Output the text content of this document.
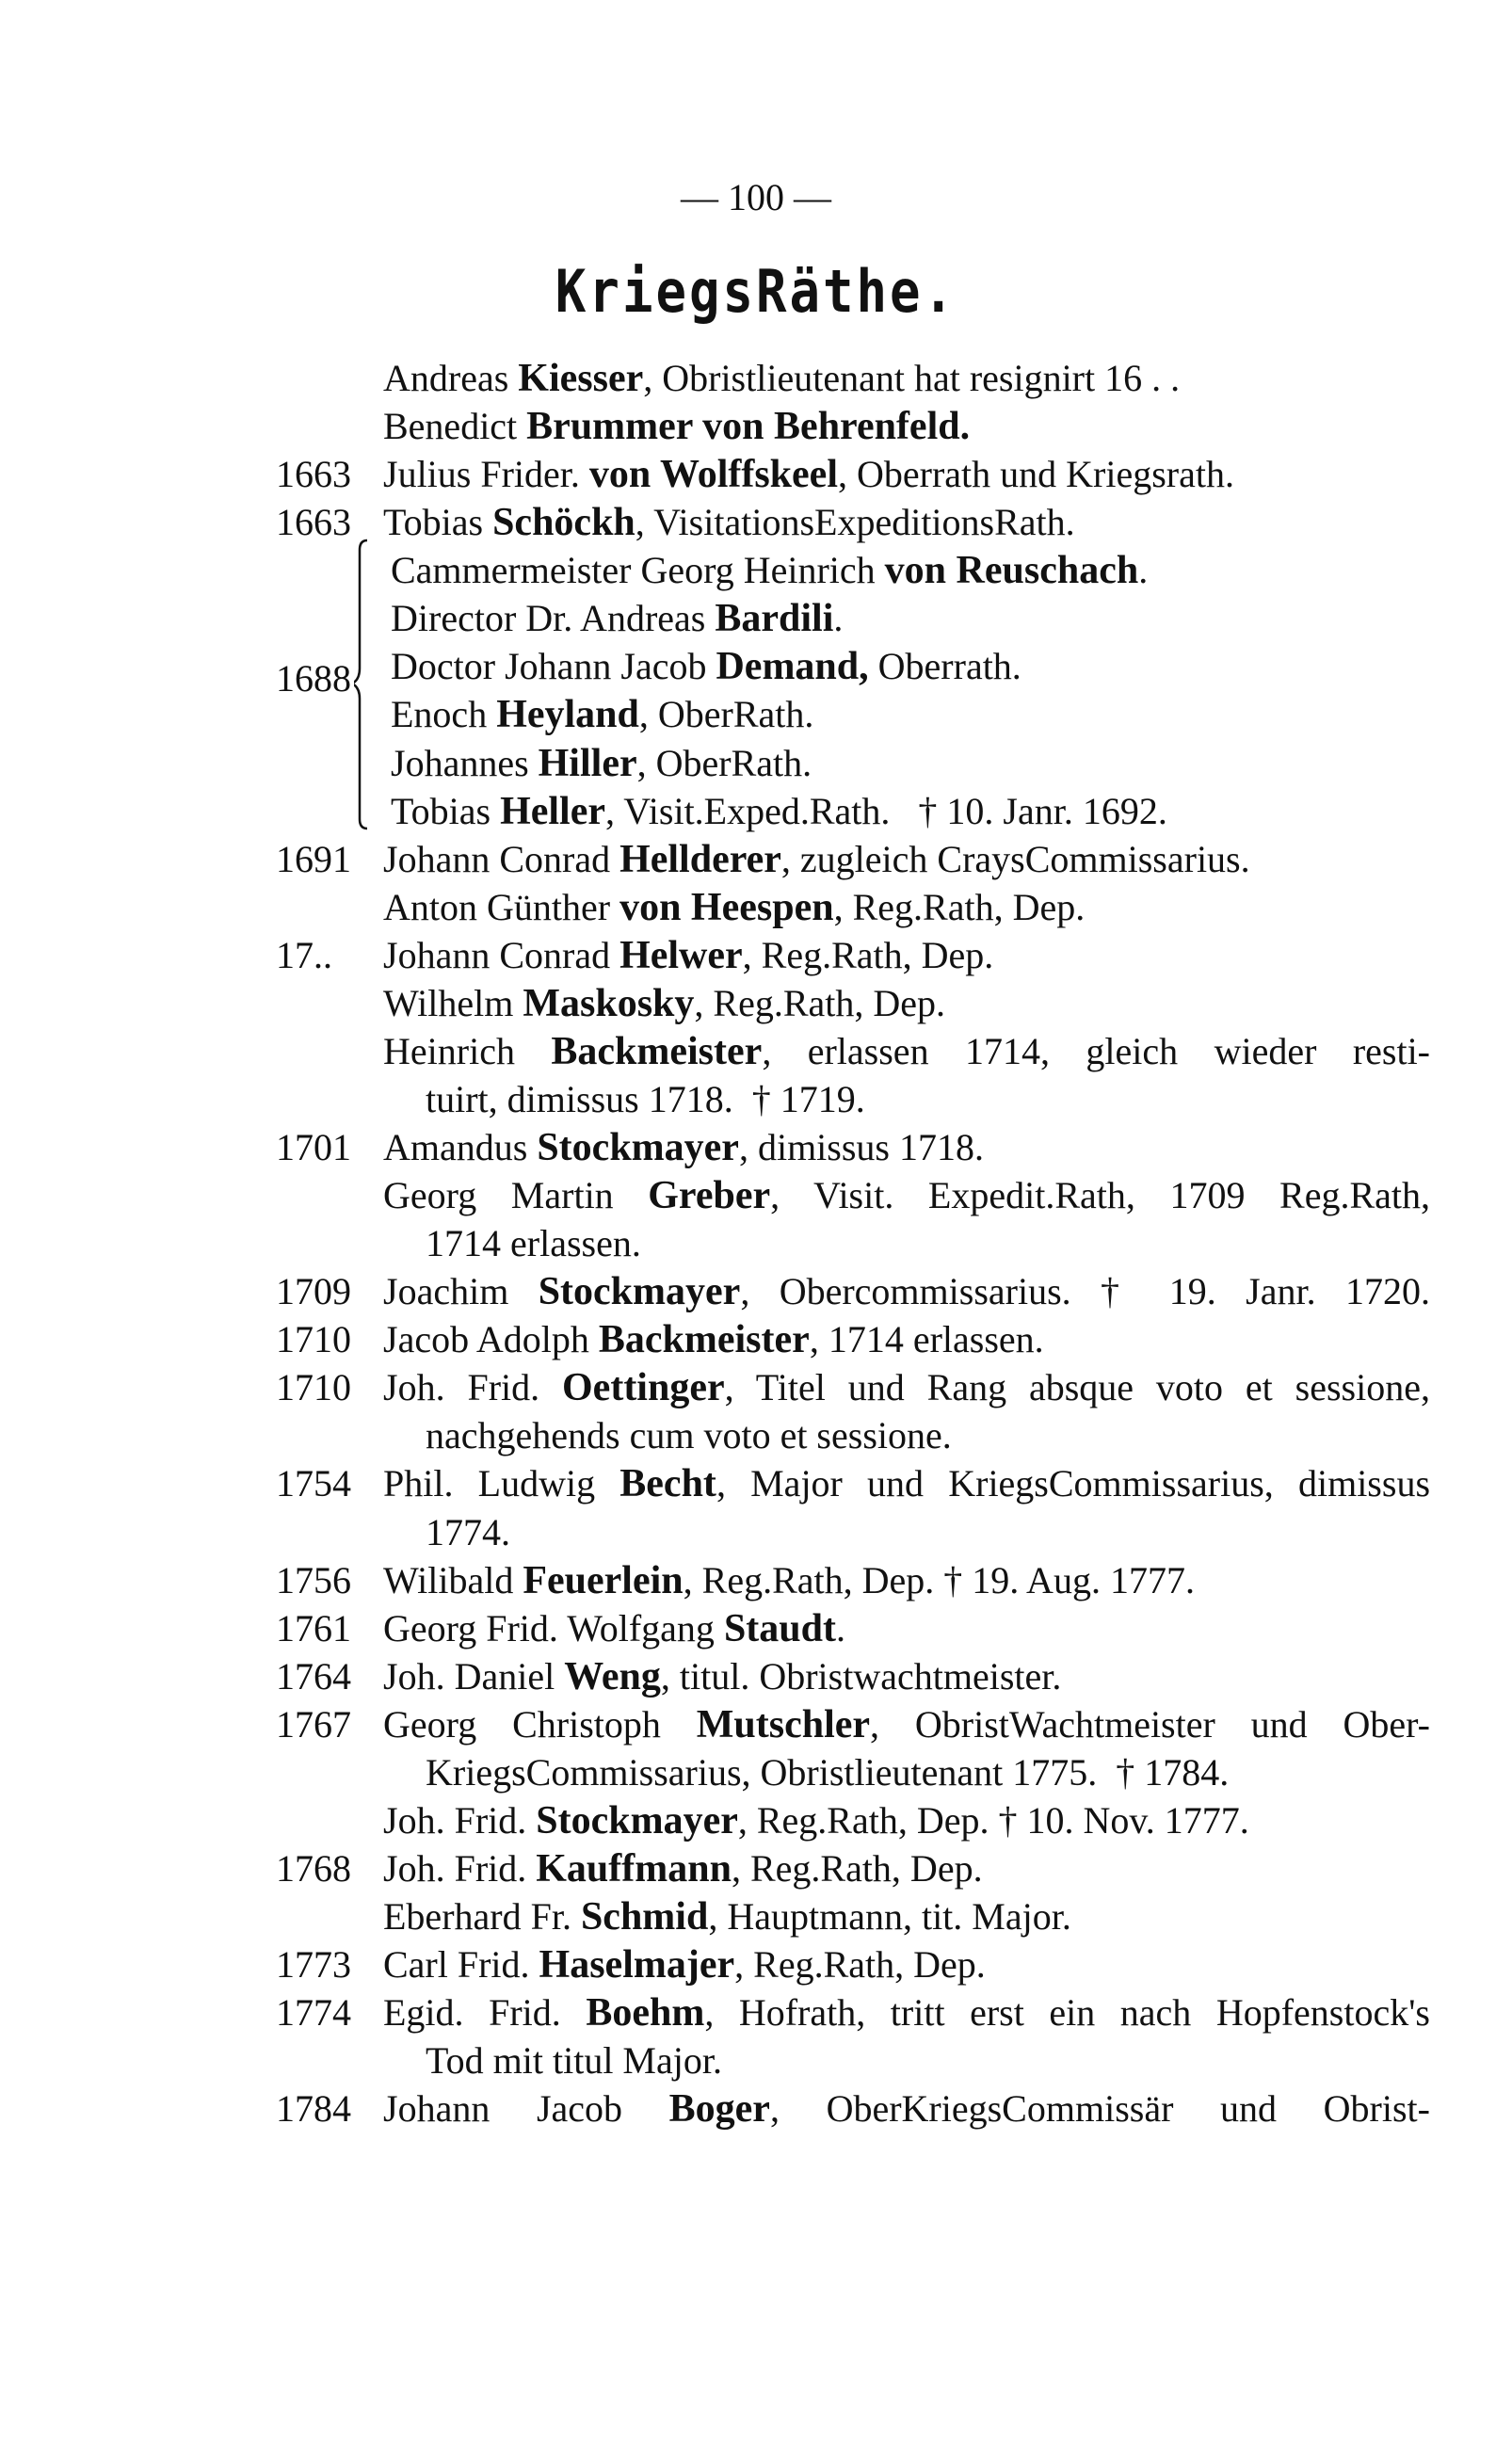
— 100 —
KriegsRäthe.
Andreas Kiesser, Obristlieutenant hat resignirt 16 . .
Benedict Brummer von Behrenfeld.
1663 Julius Frider. von Wolffskeel, Oberrath und Kriegsrath.
1663 Tobias Schöckh, VisitationsExpeditionsRath.
Cammermeister Georg Heinrich von Reuschach.
Director Dr. Andreas Bardili.
Doctor Johann Jacob Demand, Oberrath.
Enoch Heyland, OberRath.
Johannes Hiller, OberRath.
Tobias Heller, Visit.Exped.Rath.   † 10. Janr. 1692.
1691 Johann Conrad Hellderer, zugleich CraysCommissarius.
Anton Günther von Heespen, Reg.Rath, Dep.
17.. Johann Conrad Helwer, Reg.Rath, Dep.
Wilhelm Maskosky, Reg.Rath, Dep.
Heinrich Backmeister, erlassen 1714, gleich wieder resti-
tuirt, dimissus 1718.  † 1719.
1701 Amandus Stockmayer, dimissus 1718.
Georg Martin Greber, Visit. Expedit.Rath, 1709 Reg.Rath,
1714 erlassen.
1709 Joachim Stockmayer, Obercommissarius. † 19. Janr. 1720.
1710 Jacob Adolph Backmeister, 1714 erlassen.
1710 Joh. Frid. Oettinger, Titel und Rang absque voto et sessione,
nachgehends cum voto et sessione.
1754 Phil. Ludwig Becht, Major und KriegsCommissarius, dimissus
1774.
1756 Wilibald Feuerlein, Reg.Rath, Dep. † 19. Aug. 1777.
1761 Georg Frid. Wolfgang Staudt.
1764 Joh. Daniel Weng, titul. Obristwachtmeister.
1767 Georg Christoph Mutschler, ObristWachtmeister und Ober-
KriegsCommissarius, Obristlieutenant 1775.  † 1784.
Joh. Frid. Stockmayer, Reg.Rath, Dep. † 10. Nov. 1777.
1768 Joh. Frid. Kauffmann, Reg.Rath, Dep.
Eberhard Fr. Schmid, Hauptmann, tit. Major.
1773 Carl Frid. Haselmajer, Reg.Rath, Dep.
1774 Egid. Frid. Boehm, Hofrath, tritt erst ein nach Hopfenstock's
Tod mit titul Major.
1784 Johann Jacob Boger, OberKriegsCommissär und Obrist-
1688
